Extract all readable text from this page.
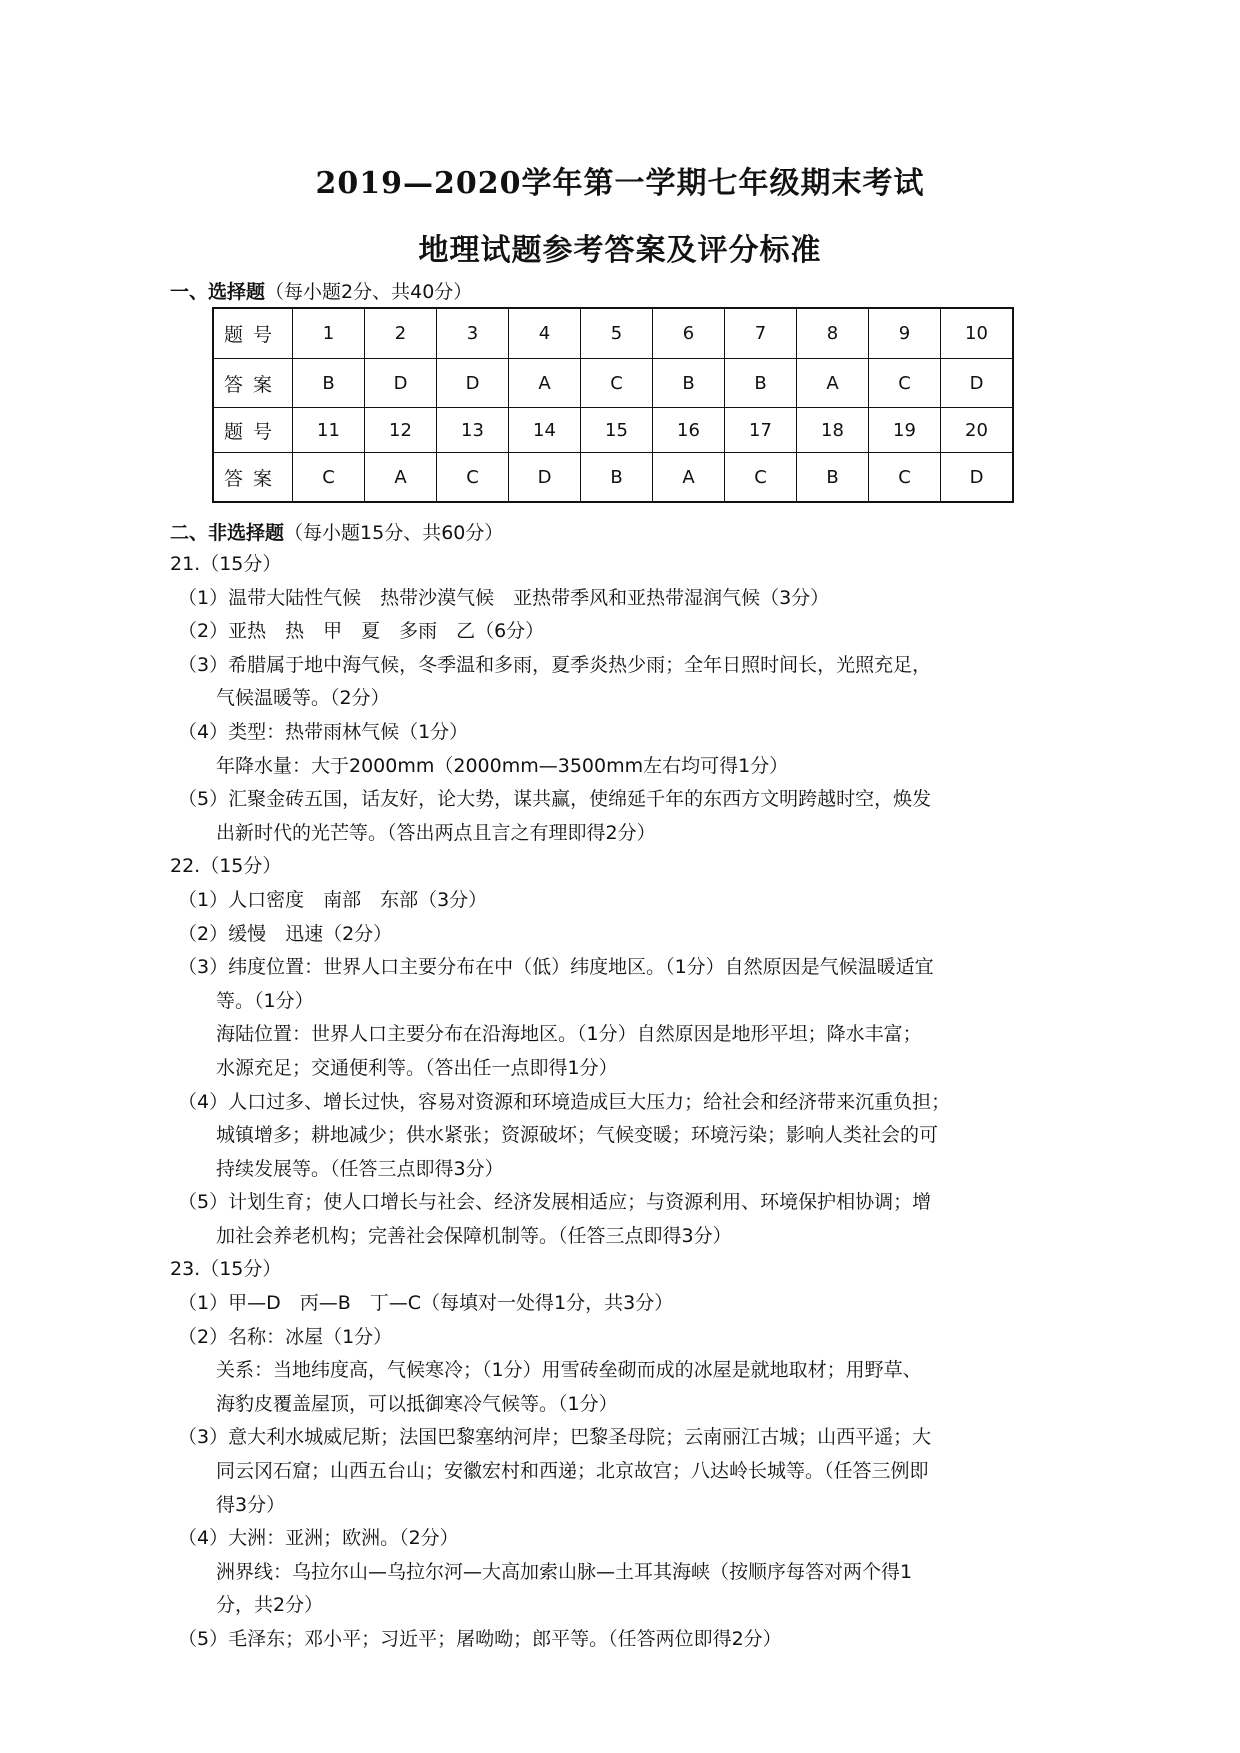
2019—2020学年第一学期七年级期末考试
地理试题参考答案及评分标准
一、选择题（每小题2分、共40分）
题号	1	2	3	4	5	6	7	8	9	10
答案	B	D	D	A	C	B	B	A	C	D
题号	11	12	13	14	15	16	17	18	19	20
答案	C	A	C	D	B	A	C	B	C	D
二、非选择题（每小题15分、共60分）
21.（15分）
（1）温带大陆性气候　热带沙漠气候　亚热带季风和亚热带湿润气候（3分）
（2）亚热　热　甲　夏　多雨　乙（6分）
（3）希腊属于地中海气候，冬季温和多雨，夏季炎热少雨；全年日照时间长，光照充足，
气候温暖等。（2分）
（4）类型：热带雨林气候（1分）
年降水量：大于2000mm（2000mm—3500mm左右均可得1分）
（5）汇聚金砖五国，话友好，论大势，谋共赢，使绵延千年的东西方文明跨越时空，焕发
出新时代的光芒等。（答出两点且言之有理即得2分）
22.（15分）
（1）人口密度　南部　东部（3分）
（2）缓慢　迅速（2分）
（3）纬度位置：世界人口主要分布在中（低）纬度地区。（1分）自然原因是气候温暖适宜
等。（1分）
海陆位置：世界人口主要分布在沿海地区。（1分）自然原因是地形平坦；降水丰富；
水源充足；交通便利等。（答出任一点即得1分）
（4）人口过多、增长过快，容易对资源和环境造成巨大压力；给社会和经济带来沉重负担；
城镇增多；耕地减少；供水紧张；资源破坏；气候变暖；环境污染；影响人类社会的可
持续发展等。（任答三点即得3分）
（5）计划生育；使人口增长与社会、经济发展相适应；与资源利用、环境保护相协调；增
加社会养老机构；完善社会保障机制等。（任答三点即得3分）
23.（15分）
（1）甲—D　丙—B　丁—C（每填对一处得1分，共3分）
（2）名称：冰屋（1分）
关系：当地纬度高，气候寒冷；（1分）用雪砖垒砌而成的冰屋是就地取材；用野草、
海豹皮覆盖屋顶，可以抵御寒冷气候等。（1分）
（3）意大利水城威尼斯；法国巴黎塞纳河岸；巴黎圣母院；云南丽江古城；山西平遥；大
同云冈石窟；山西五台山；安徽宏村和西递；北京故宫；八达岭长城等。（任答三例即
得3分）
（4）大洲：亚洲；欧洲。（2分）
洲界线：乌拉尔山—乌拉尔河—大高加索山脉—土耳其海峡（按顺序每答对两个得1
分，共2分）
（5）毛泽东；邓小平；习近平；屠呦呦；郎平等。（任答两位即得2分）
